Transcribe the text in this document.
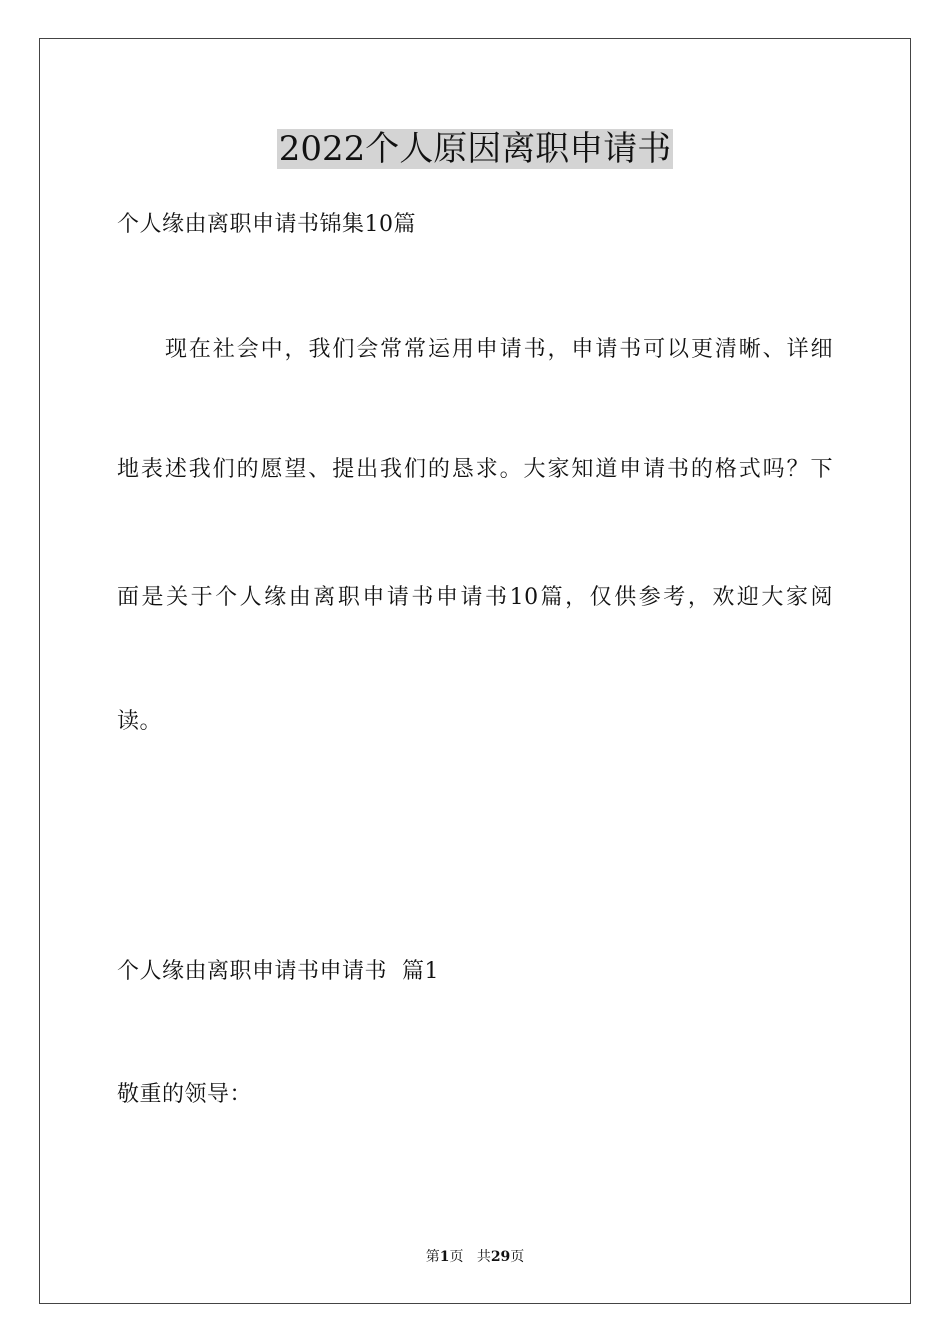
2022个人原因离职申请书
个人缘由离职申请书锦集10篇
现在社会中，我们会常常运用申请书，申请书可以更清晰、详细
地表述我们的愿望、提出我们的恳求。大家知道申请书的格式吗？下
面是关于个人缘由离职申请书申请书10篇，仅供参考，欢迎大家阅
读。
个人缘由离职申请书申请书  篇1
敬重的领导：
第1页 共29页
